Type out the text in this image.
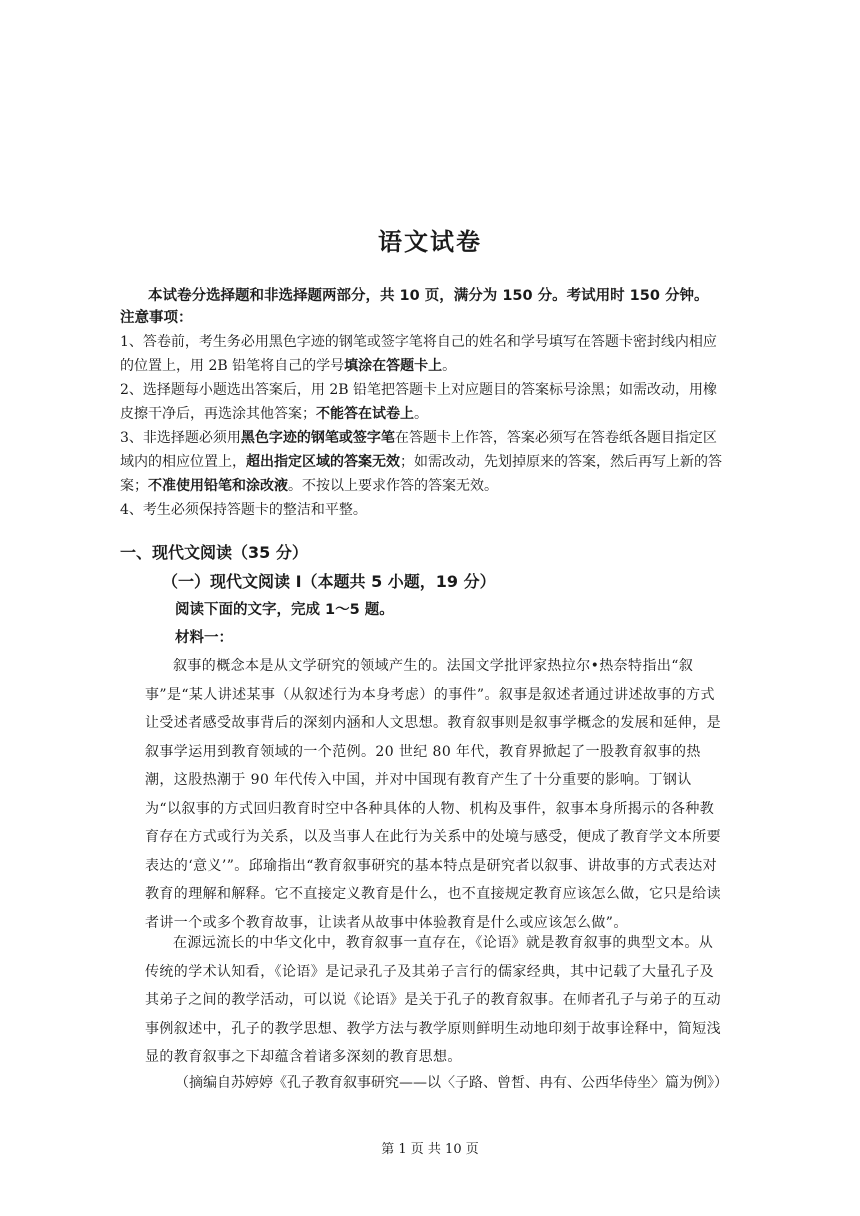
语文试卷
本试卷分选择题和非选择题两部分，共 10 页，满分为 150 分。考试用时 150 分钟。
注意事项：

1、答卷前，考生务必用黑色字迹的钢笔或签字笔将自己的姓名和学号填写在答题卡密封线内相应的位置上，用 2B 铅笔将自己的学号填涂在答题卡上。

2、选择题每小题选出答案后，用 2B 铅笔把答题卡上对应题目的答案标号涂黑；如需改动，用橡皮擦干净后，再选涂其他答案；不能答在试卷上。

3、非选择题必须用黑色字迹的钢笔或签字笔在答题卡上作答，答案必须写在答卷纸各题目指定区域内的相应位置上，超出指定区域的答案无效；如需改动，先划掉原来的答案，然后再写上新的答案；不准使用铅笔和涂改液。不按以上要求作答的答案无效。

4、考生必须保持答题卡的整洁和平整。

一、现代文阅读（35 分）
（一）现代文阅读 I（本题共 5 小题，19 分）
阅读下面的文字，完成 1～5 题。
材料一：
叙事的概念本是从文学研究的领域产生的。法国文学批评家热拉尔•热奈特指出“叙事”是“某人讲述某事（从叙述行为本身考虑）的事件”。叙事是叙述者通过讲述故事的方式让受述者感受故事背后的深刻内涵和人文思想。教育叙事则是叙事学概念的发展和延伸，是叙事学运用到教育领域的一个范例。20 世纪 80 年代，教育界掀起了一股教育叙事的热潮，这股热潮于 90 年代传入中国，并对中国现有教育产生了十分重要的影响。丁钢认为“以叙事的方式回归教育时空中各种具体的人物、机构及事件，叙事本身所揭示的各种教育存在方式或行为关系，以及当事人在此行为关系中的处境与感受，便成了教育学文本所要表达的‘意义’”。邱瑜指出“教育叙事研究的基本特点是研究者以叙事、讲故事的方式表达对教育的理解和解释。它不直接定义教育是什么，也不直接规定教育应该怎么做，它只是给读者讲一个或多个教育故事，让读者从故事中体验教育是什么或应该怎么做”。
在源远流长的中华文化中，教育叙事一直存在，《论语》就是教育叙事的典型文本。从传统的学术认知看，《论语》是记录孔子及其弟子言行的儒家经典，其中记载了大量孔子及其弟子之间的教学活动，可以说《论语》是关于孔子的教育叙事。在师者孔子与弟子的互动事例叙述中，孔子的教学思想、教学方法与教学原则鲜明生动地印刻于故事诠释中，简短浅显的教育叙事之下却蕴含着诸多深刻的教育思想。
（摘编自苏婷婷《孔子教育叙事研究——以〈子路、曾皙、冉有、公西华侍坐〉篇为例》）
第 1 页 共 10 页
